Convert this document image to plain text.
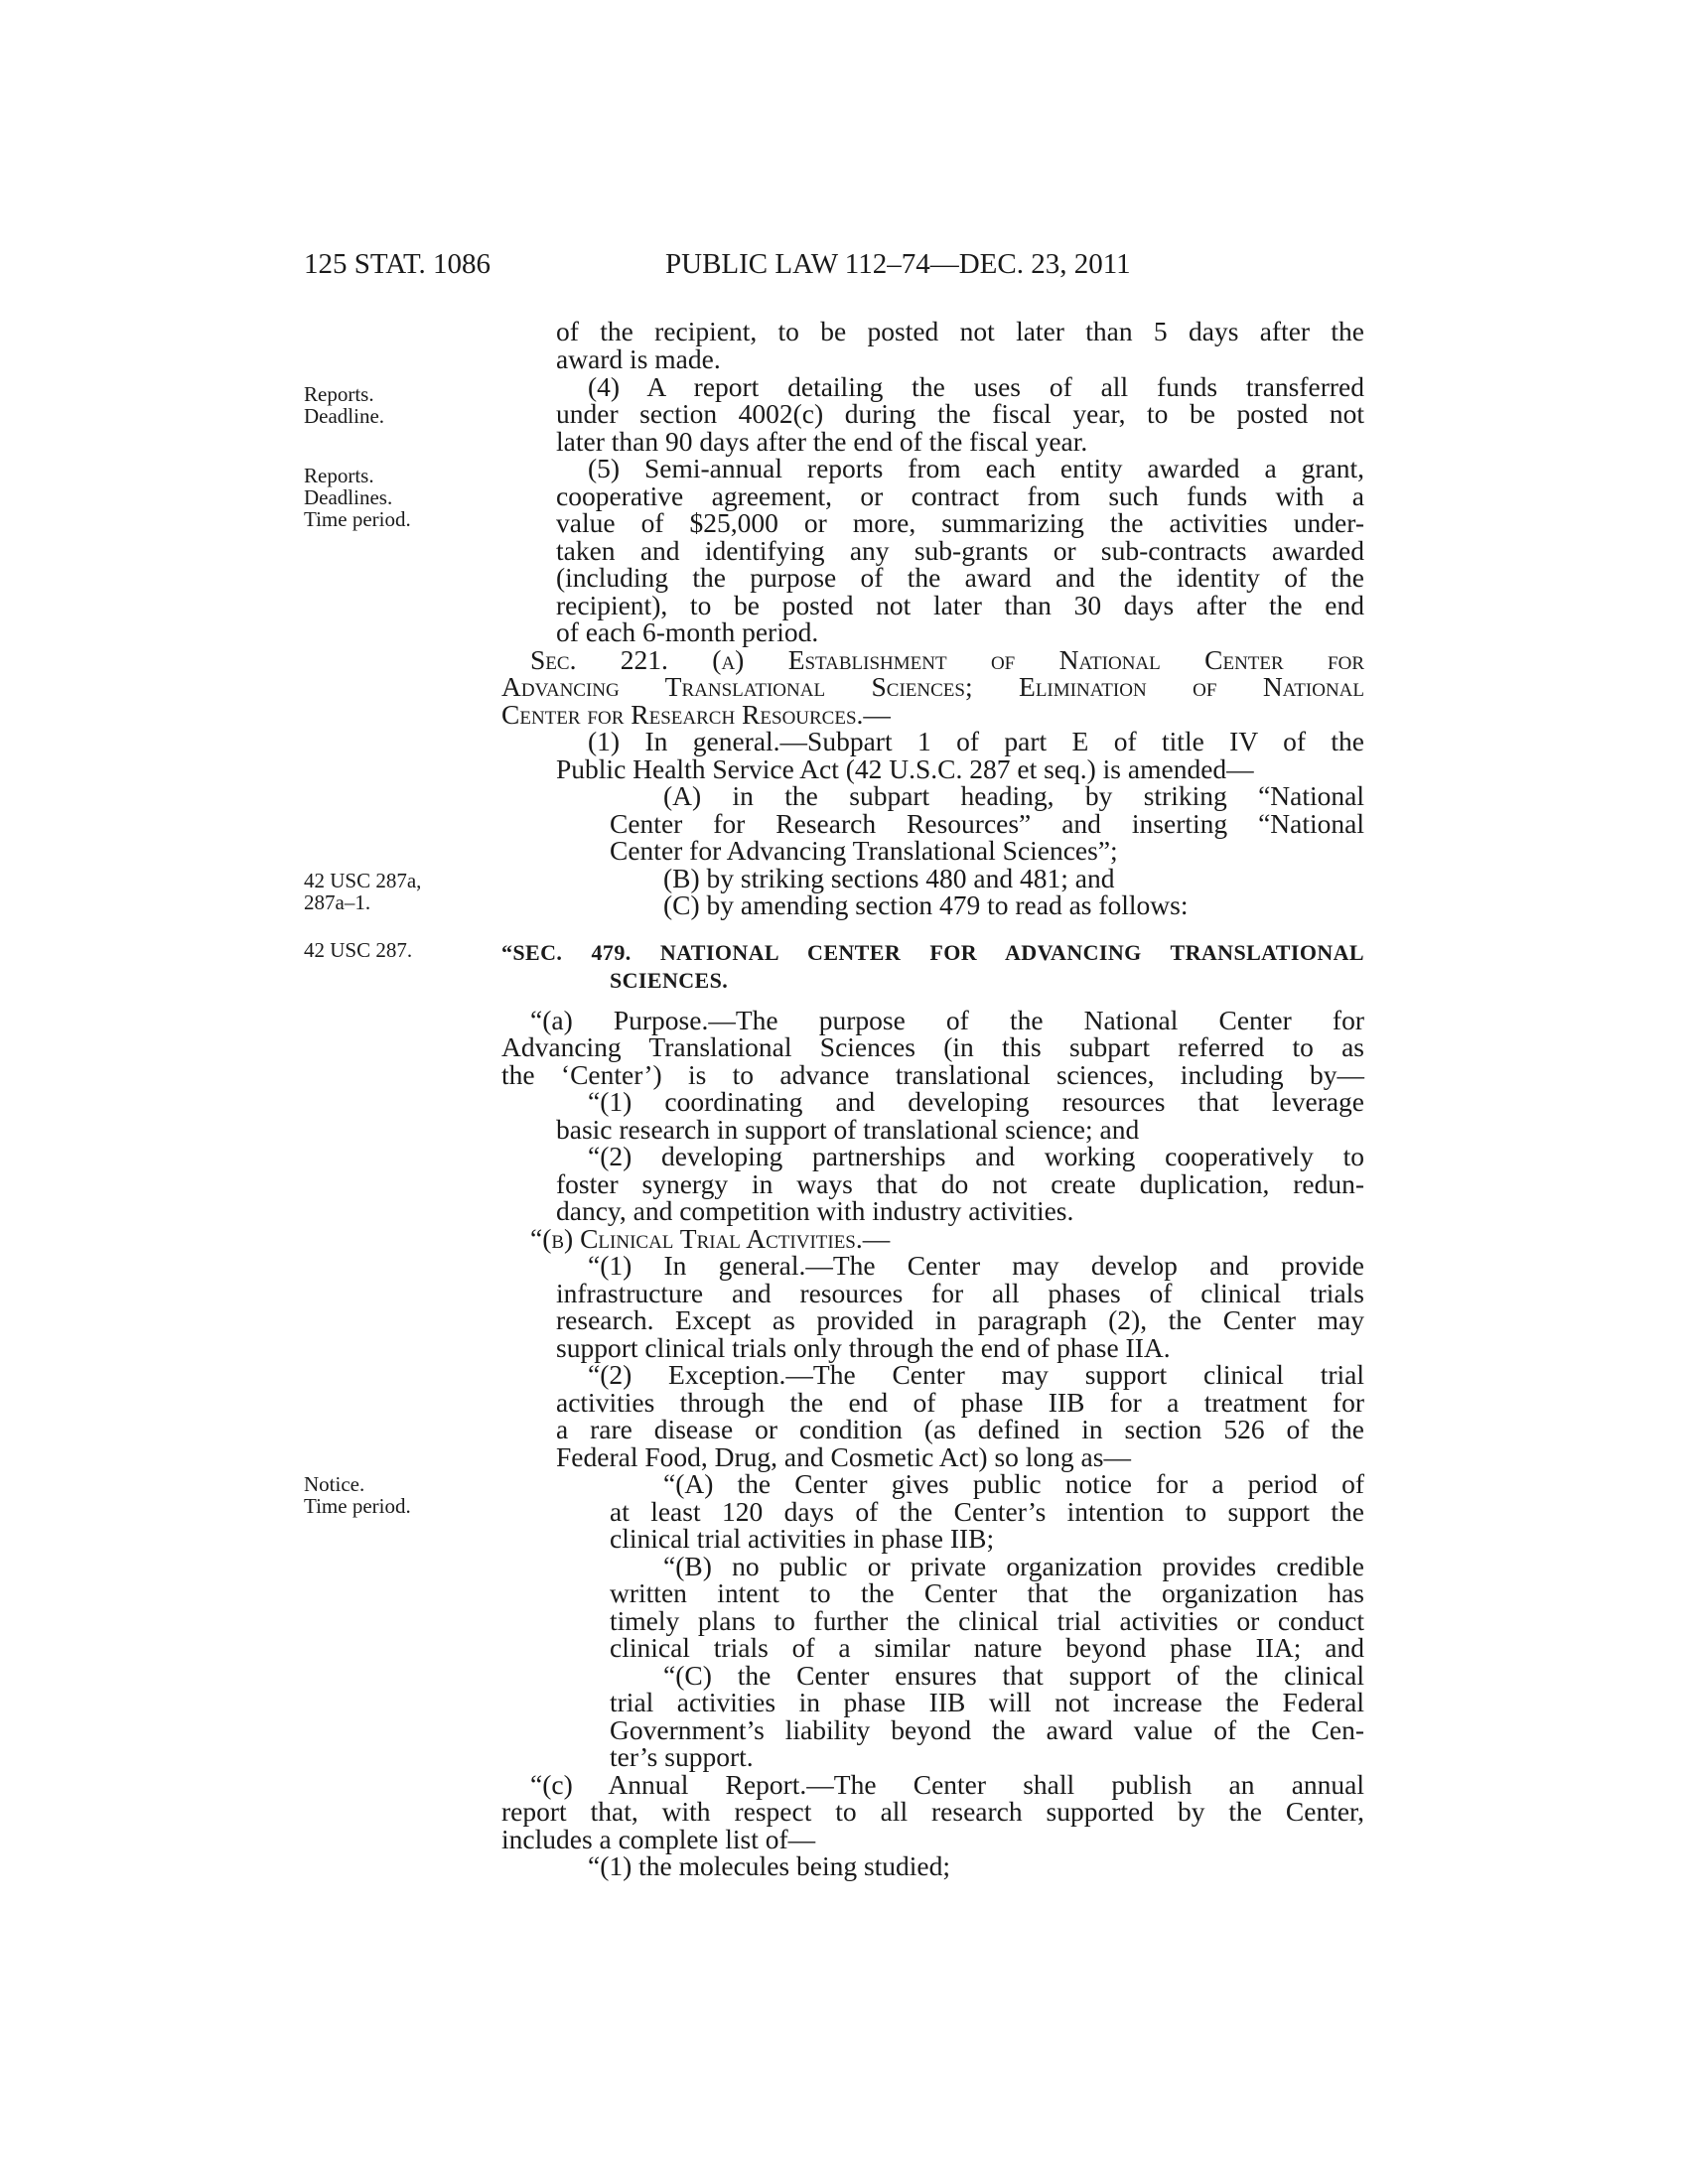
125 STAT. 1086	PUBLIC LAW 112–74—DEC. 23, 2011
Reports.
Deadline.
Reports.
Deadlines.
Time period.
42 USC 287a,
287a–1.
42 USC 287.
Notice.
Time period.
of the recipient, to be posted not later than 5 days after the
award is made.
(4) A report detailing the uses of all funds transferred
under section 4002(c) during the fiscal year, to be posted not
later than 90 days after the end of the fiscal year.
(5) Semi-annual reports from each entity awarded a grant,
cooperative agreement, or contract from such funds with a
value of $25,000 or more, summarizing the activities under-
taken and identifying any sub-grants or sub-contracts awarded
(including the purpose of the award and the identity of the
recipient), to be posted not later than 30 days after the end
of each 6-month period.
Sec. 221. (a) Establishment of National Center for
Advancing Translational Sciences; Elimination of National
Center for Research Resources.—
(1) In general.—Subpart 1 of part E of title IV of the
Public Health Service Act (42 U.S.C. 287 et seq.) is amended—
(A) in the subpart heading, by striking “National
Center for Research Resources” and inserting “National
Center for Advancing Translational Sciences”;
(B) by striking sections 480 and 481; and
(C) by amending section 479 to read as follows:
“SEC. 479. NATIONAL CENTER FOR ADVANCING TRANSLATIONAL
SCIENCES.
“(a) Purpose.—The purpose of the National Center for
Advancing Translational Sciences (in this subpart referred to as
the ‘Center’) is to advance translational sciences, including by—
“(1) coordinating and developing resources that leverage
basic research in support of translational science; and
“(2) developing partnerships and working cooperatively to
foster synergy in ways that do not create duplication, redun-
dancy, and competition with industry activities.
“(b) Clinical Trial Activities.—
“(1) In general.—The Center may develop and provide
infrastructure and resources for all phases of clinical trials
research. Except as provided in paragraph (2), the Center may
support clinical trials only through the end of phase IIA.
“(2) Exception.—The Center may support clinical trial
activities through the end of phase IIB for a treatment for
a rare disease or condition (as defined in section 526 of the
Federal Food, Drug, and Cosmetic Act) so long as—
“(A) the Center gives public notice for a period of
at least 120 days of the Center’s intention to support the
clinical trial activities in phase IIB;
“(B) no public or private organization provides credible
written intent to the Center that the organization has
timely plans to further the clinical trial activities or conduct
clinical trials of a similar nature beyond phase IIA; and
“(C) the Center ensures that support of the clinical
trial activities in phase IIB will not increase the Federal
Government’s liability beyond the award value of the Cen-
ter’s support.
“(c) Annual Report.—The Center shall publish an annual
report that, with respect to all research supported by the Center,
includes a complete list of—
“(1) the molecules being studied;
